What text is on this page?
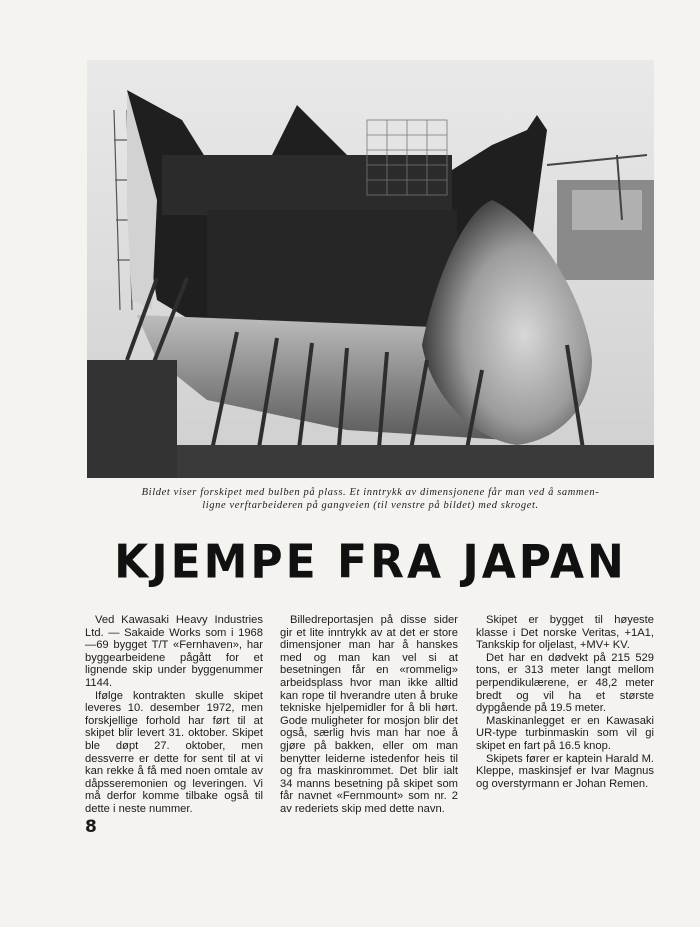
Bildet viser forskipet med bulben på plass. Et inntrykk av dimensjonene får man ved å sammen-
ligne verftarbeideren på gangveien (til venstre på bildet) med skroget.
KJEMPE FRA JAPAN

Ved Kawasaki Heavy Industries Ltd. — Sakaide Works som i 1968—69 bygget T/T «Fernhaven», har byggearbeidene pågått for et lignende skip under byggenummer 1144.

Ifølge kontrakten skulle skipet leveres 10. desember 1972, men forskjellige forhold har ført til at skipet blir levert 31. oktober. Skipet ble døpt 27. oktober, men dessverre er dette for sent til at vi kan rekke å få med noen omtale av dåpsseremonien og leveringen. Vi må derfor komme tilbake også til dette i neste nummer.

Billedreportasjen på disse sider gir et lite inntrykk av at det er store dimensjoner man har å hanskes med og man kan vel si at besetningen får en «rommelig» arbeidsplass hvor man ikke alltid kan rope til hverandre uten å bruke tekniske hjelpemidler for å bli hørt. Gode muligheter for mosjon blir det også, særlig hvis man har noe å gjøre på bakken, eller om man benytter leiderne istedenfor heis til og fra maskinrommet. Det blir ialt 34 manns besetning på skipet som får navnet «Fernmount» som nr. 2 av rederiets skip med dette navn.

Skipet er bygget til høyeste klasse i Det norske Veritas, +1A1, Tankskip for oljelast, +MV+ KV.

Det har en dødvekt på 215 529 tons, er 313 meter langt mellom perpendikulærene, er 48,2 meter bredt og vil ha et største dypgående på 19.5 meter.

Maskinanlegget er en Kawasaki UR-type turbinmaskin som vil gi skipet en fart på 16.5 knop.

Skipets fører er kaptein Harald M. Kleppe, maskinsjef er Ivar Magnus og overstyrmann er Johan Remen.

8
